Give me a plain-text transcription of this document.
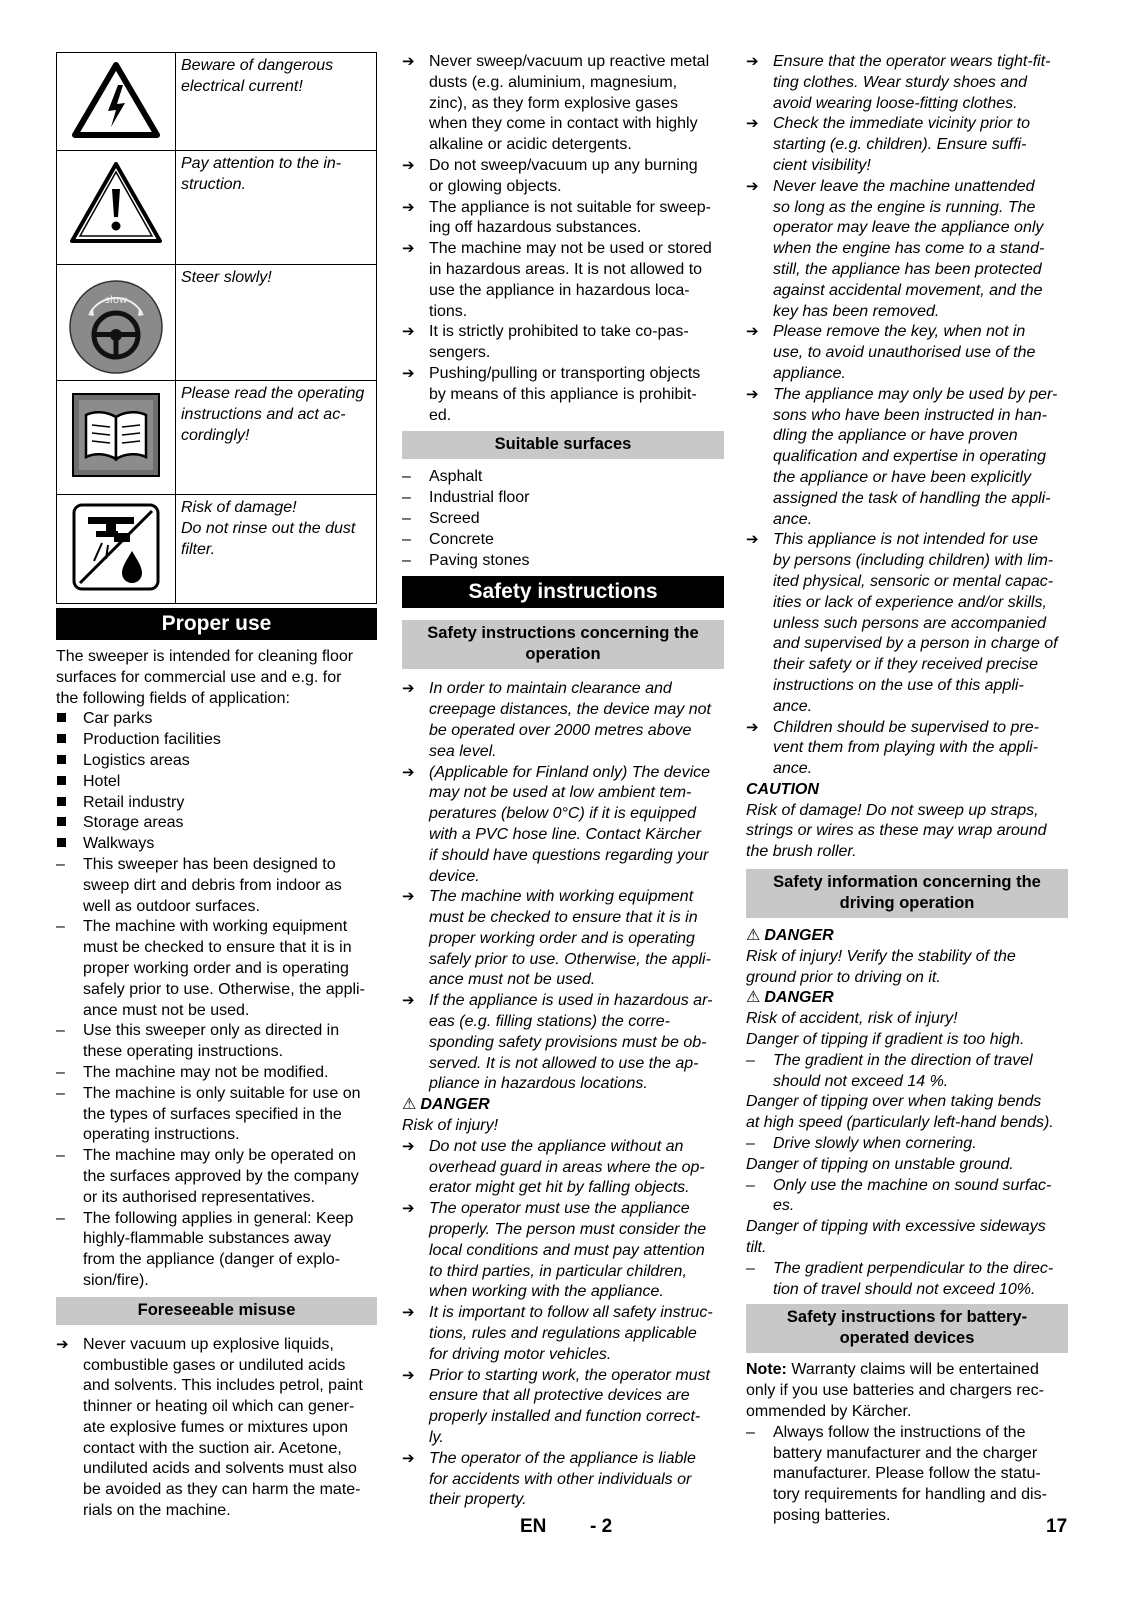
Beware of dangerous
electrical current!

Pay attention to the in-
struction.

slow	Steer slowly!

Please read the operating
instructions and act ac-
cordingly!

Risk of damage!
Do not rinse out the dust
filter.
Proper use
The sweeper is intended for cleaning floor
surfaces for commercial use and e.g. for
the following fields of application:
Car parks
Production facilities
Logistics areas
Hotel
Retail industry
Storage areas
Walkways
–
This sweeper has been designed to
sweep dirt and debris from indoor as
well as outdoor surfaces.
–
The machine with working equipment
must be checked to ensure that it is in
proper working order and is operating
safely prior to use. Otherwise, the appli-
ance must not be used.
–
Use this sweeper only as directed in
these operating instructions.
–
The machine may not be modified.
–
The machine is only suitable for use on
the types of surfaces specified in the
operating instructions.
–
The machine may only be operated on
the surfaces approved by the company
or its authorised representatives.
–
The following applies in general: Keep
highly-flammable substances away
from the appliance (danger of explo-
sion/fire).
Foreseeable misuse
➔
Never vacuum up explosive liquids,
combustible gases or undiluted acids
and solvents. This includes petrol, paint
thinner or heating oil which can gener-
ate explosive fumes or mixtures upon
contact with the suction air. Acetone,
undiluted acids and solvents must also
be avoided as they can harm the mate-
rials on the machine.
➔
Never sweep/vacuum up reactive metal
dusts (e.g. aluminium, magnesium,
zinc), as they form explosive gases
when they come in contact with highly
alkaline or acidic detergents.
➔
Do not sweep/vacuum up any burning
or glowing objects.
➔
The appliance is not suitable for sweep-
ing off hazardous substances.
➔
The machine may not be used or stored
in hazardous areas. It is not allowed to
use the appliance in hazardous loca-
tions.
➔
It is strictly prohibited to take co-pas-
sengers.
➔
Pushing/pulling or transporting objects
by means of this appliance is prohibit-
ed.
Suitable surfaces
–
Asphalt
–
Industrial floor
–
Screed
–
Concrete
–
Paving stones
Safety instructions
Safety instructions concerning the
operation
➔
In order to maintain clearance and
creepage distances, the device may not
be operated over 2000 metres above
sea level.
➔
(Applicable for Finland only) The device
may not be used at low ambient tem-
peratures (below 0°C) if it is equipped
with a PVC hose line. Contact Kärcher
if should have questions regarding your
device.
➔
The machine with working equipment
must be checked to ensure that it is in
proper working order and is operating
safely prior to use. Otherwise, the appli-
ance must not be used.
➔
If the appliance is used in hazardous ar-
eas (e.g. filling stations) the corre-
sponding safety provisions must be ob-
served. It is not allowed to use the ap-
pliance in hazardous locations.
⚠ DANGER
Risk of injury!
➔
Do not use the appliance without an
overhead guard in areas where the op-
erator might get hit by falling objects.
➔
The operator must use the appliance
properly. The person must consider the
local conditions and must pay attention
to third parties, in particular children,
when working with the appliance.
➔
It is important to follow all safety instruc-
tions, rules and regulations applicable
for driving motor vehicles.
➔
Prior to starting work, the operator must
ensure that all protective devices are
properly installed and function correct-
ly.
➔
The operator of the appliance is liable
for accidents with other individuals or
their property.
➔
Ensure that the operator wears tight-fit-
ting clothes. Wear sturdy shoes and
avoid wearing loose-fitting clothes.
➔
Check the immediate vicinity prior to
starting (e.g. children). Ensure suffi-
cient visibility!
➔
Never leave the machine unattended
so long as the engine is running. The
operator may leave the appliance only
when the engine has come to a stand-
still, the appliance has been protected
against accidental movement, and the
key has been removed.
➔
Please remove the key, when not in
use, to avoid unauthorised use of the
appliance.
➔
The appliance may only be used by per-
sons who have been instructed in han-
dling the appliance or have proven
qualification and expertise in operating
the appliance or have been explicitly
assigned the task of handling the appli-
ance.
➔
This appliance is not intended for use
by persons (including children) with lim-
ited physical, sensoric or mental capac-
ities or lack of experience and/or skills,
unless such persons are accompanied
and supervised by a person in charge of
their safety or if they received precise
instructions on the use of this appli-
ance.
➔
Children should be supervised to pre-
vent them from playing with the appli-
ance.
CAUTION
Risk of damage! Do not sweep up straps,
strings or wires as these may wrap around
the brush roller.
Safety information concerning the
driving operation
⚠ DANGER
Risk of injury! Verify the stability of the
ground prior to driving on it.
⚠ DANGER
Risk of accident, risk of injury!
Danger of tipping if gradient is too high.
–
The gradient in the direction of travel
should not exceed 14 %.
Danger of tipping over when taking bends
at high speed (particularly left-hand bends).
–
Drive slowly when cornering.
Danger of tipping on unstable ground.
–
Only use the machine on sound surfac-
es.
Danger of tipping with excessive sideways
tilt.
–
The gradient perpendicular to the direc-
tion of travel should not exceed 10%.
Safety instructions for battery-
operated devices
Note: Warranty claims will be entertained
only if you use batteries and chargers rec-
ommended by Kärcher.
–
Always follow the instructions of the
battery manufacturer and the charger
manufacturer. Please follow the statu-
tory requirements for handling and dis-
posing batteries.
EN - 2	17
